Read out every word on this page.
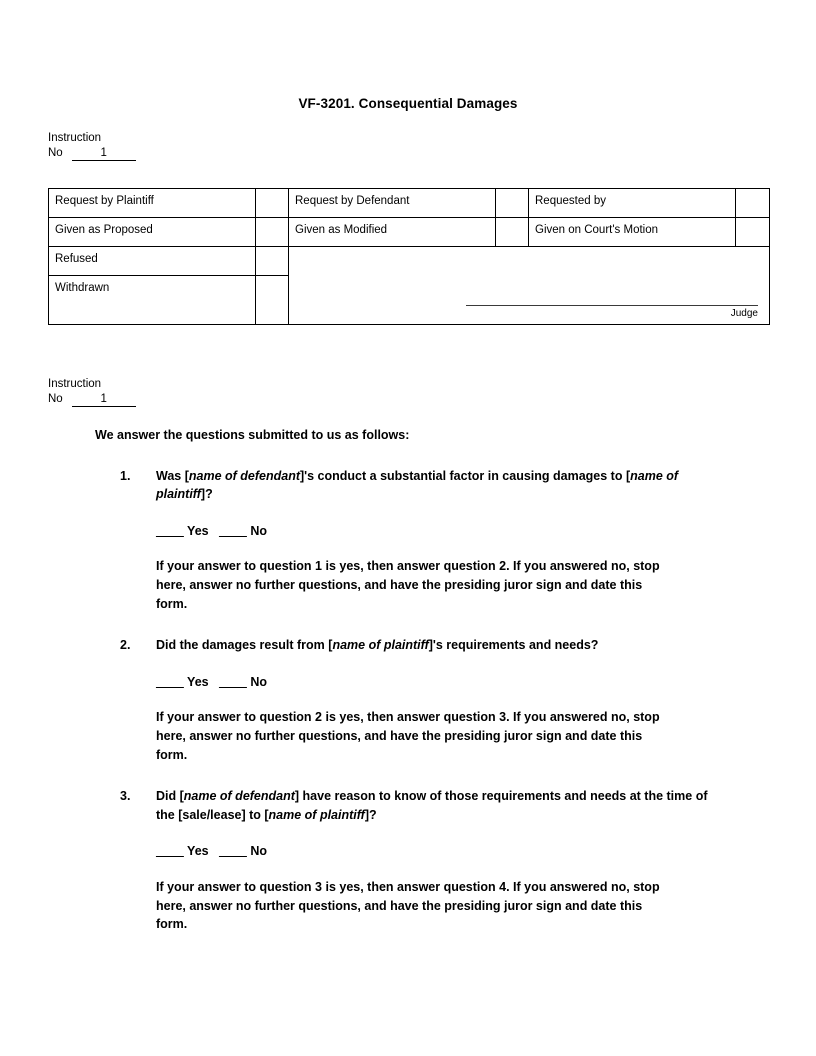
VF-3201. Consequential Damages
Instruction
No	1
Request by Plaintiff		Request by Defendant		Requested by	
Given as Proposed		Given as Modified		Given on Court's Motion	
Refused		Judge			

Withdrawn					
Instruction
No	1
We answer the questions submitted to us as follows:
1.	Was [name of defendant]'s conduct a substantial factor in causing damages to [name of plaintiff]?
____ Yes ____ No
If your answer to question 1 is yes, then answer question 2. If you answered no, stop here, answer no further questions, and have the presiding juror sign and date this form.
2.	Did the damages result from [name of plaintiff]'s requirements and needs?
____ Yes ____ No
If your answer to question 2 is yes, then answer question 3. If you answered no, stop here, answer no further questions, and have the presiding juror sign and date this form.
3.	Did [name of defendant] have reason to know of those requirements and needs at the time of the [sale/lease] to [name of plaintiff]?
____ Yes ____ No
If your answer to question 3 is yes, then answer question 4. If you answered no, stop here, answer no further questions, and have the presiding juror sign and date this form.
